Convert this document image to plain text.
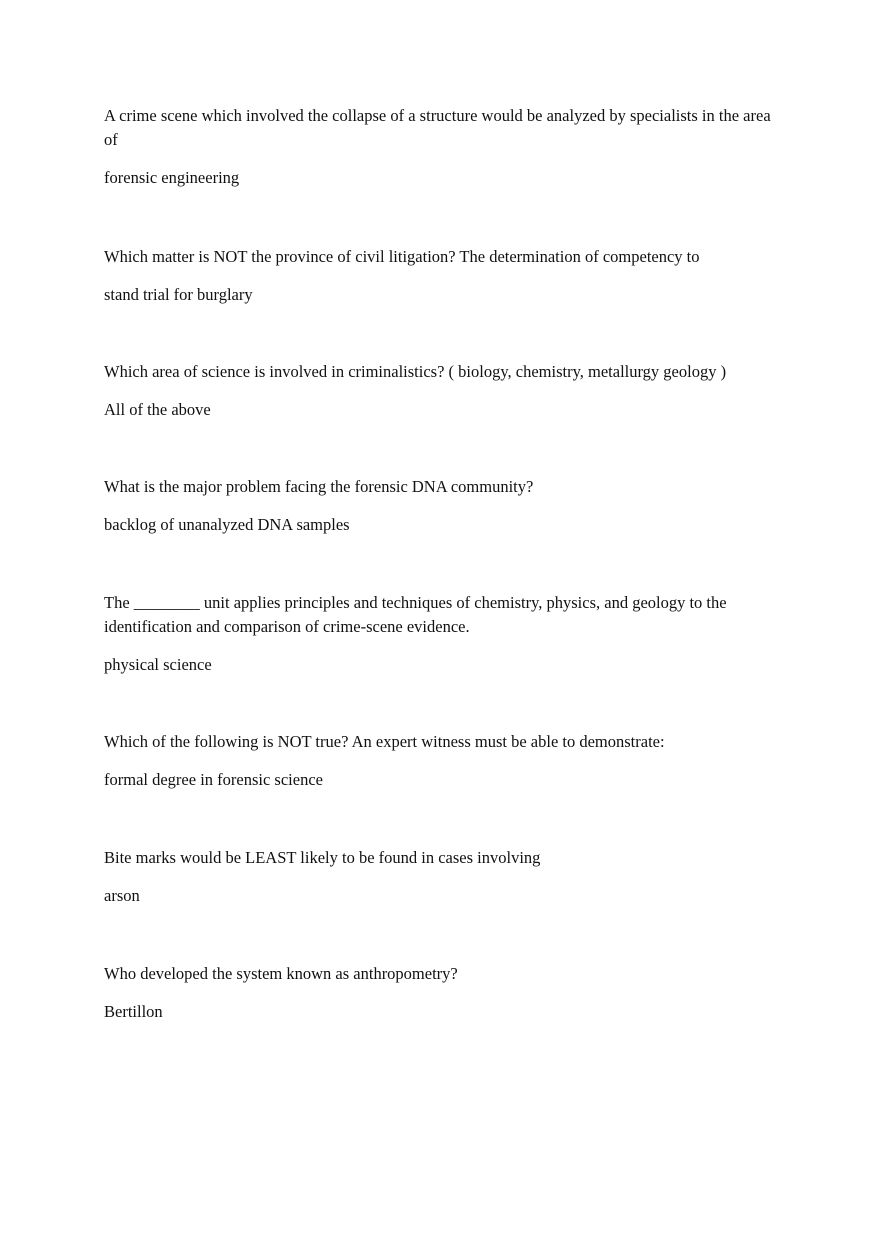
A crime scene which involved the collapse of a structure would be analyzed by specialists in the area of

forensic engineering

Which matter is NOT the province of civil litigation? The determination of competency to

stand trial for burglary

Which area of science is involved in criminalistics? ( biology, chemistry, metallurgy geology )

All of the above

What is the major problem facing the forensic DNA community?

backlog of unanalyzed DNA samples

The ________ unit applies principles and techniques of chemistry, physics, and geology to the identification and comparison of crime-scene evidence.

physical science

Which of the following is NOT true? An expert witness must be able to demonstrate:

formal degree in forensic science

Bite marks would be LEAST likely to be found in cases involving

arson

Who developed the system known as anthropometry?

Bertillon
